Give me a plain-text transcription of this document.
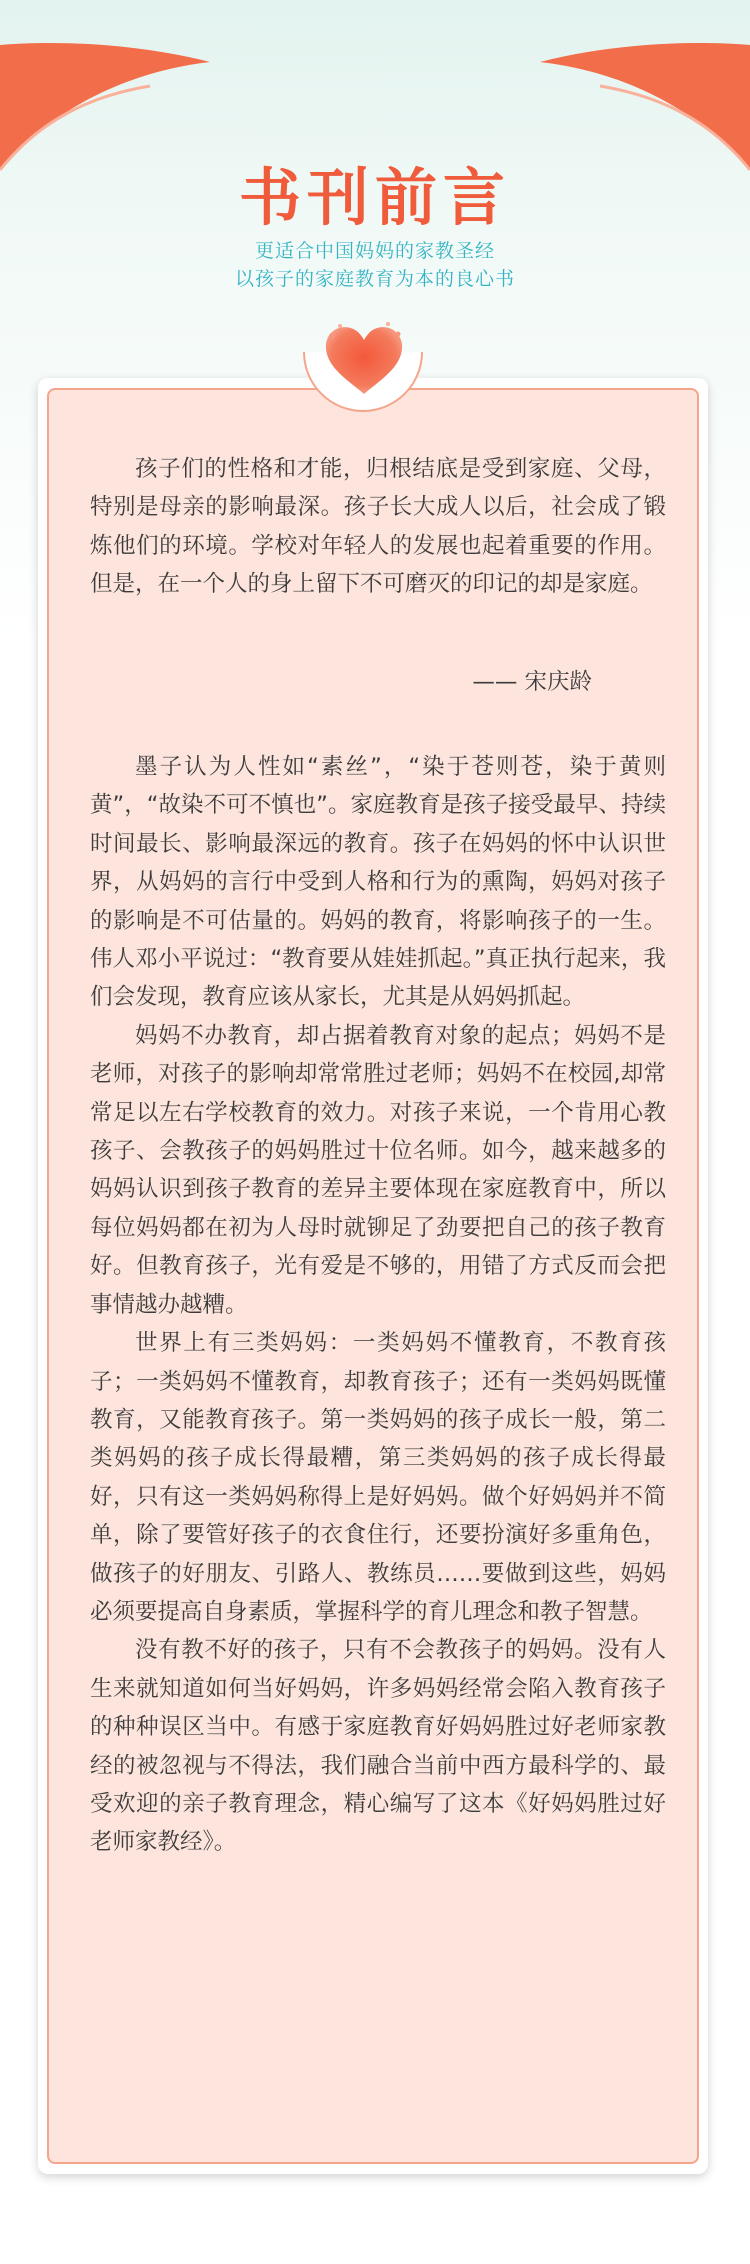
书刊前言
更适合中国妈妈的家教圣经
以孩子的家庭教育为本的良心书

孩子们的性格和才能，归根结底是受到家庭、父母，特别是母亲的影响最深。孩子长大成人以后，社会成了锻炼他们的环境。学校对年轻人的发展也起着重要的作用。但是，在一个人的身上留下不可磨灭的印记的却是家庭。

—— 宋庆龄

墨子认为人性如“素丝”，“染于苍则苍，染于黄则黄”，“故染不可不慎也”。家庭教育是孩子接受最早、持续时间最长、影响最深远的教育。孩子在妈妈的怀中认识世界，从妈妈的言行中受到人格和行为的熏陶，妈妈对孩子的影响是不可估量的。妈妈的教育，将影响孩子的一生。伟人邓小平说过：“教育要从娃娃抓起。”真正执行起来，我们会发现，教育应该从家长，尤其是从妈妈抓起。

妈妈不办教育，却占据着教育对象的起点；妈妈不是老师，对孩子的影响却常常胜过老师；妈妈不在校园,却常常足以左右学校教育的效力。对孩子来说，一个肯用心教孩子、会教孩子的妈妈胜过十位名师。如今，越来越多的妈妈认识到孩子教育的差异主要体现在家庭教育中，所以每位妈妈都在初为人母时就铆足了劲要把自己的孩子教育好。但教育孩子，光有爱是不够的，用错了方式反而会把事情越办越糟。

世界上有三类妈妈：一类妈妈不懂教育，不教育孩子；一类妈妈不懂教育，却教育孩子；还有一类妈妈既懂教育，又能教育孩子。第一类妈妈的孩子成长一般，第二类妈妈的孩子成长得最糟，第三类妈妈的孩子成长得最好，只有这一类妈妈称得上是好妈妈。做个好妈妈并不简单，除了要管好孩子的衣食住行，还要扮演好多重角色，做孩子的好朋友、引路人、教练员……要做到这些，妈妈必须要提高自身素质，掌握科学的育儿理念和教子智慧。

没有教不好的孩子，只有不会教孩子的妈妈。没有人生来就知道如何当好妈妈，许多妈妈经常会陷入教育孩子的种种误区当中。有感于家庭教育好妈妈胜过好老师家教经的被忽视与不得法，我们融合当前中西方最科学的、最受欢迎的亲子教育理念，精心编写了这本《好妈妈胜过好老师家教经》。
